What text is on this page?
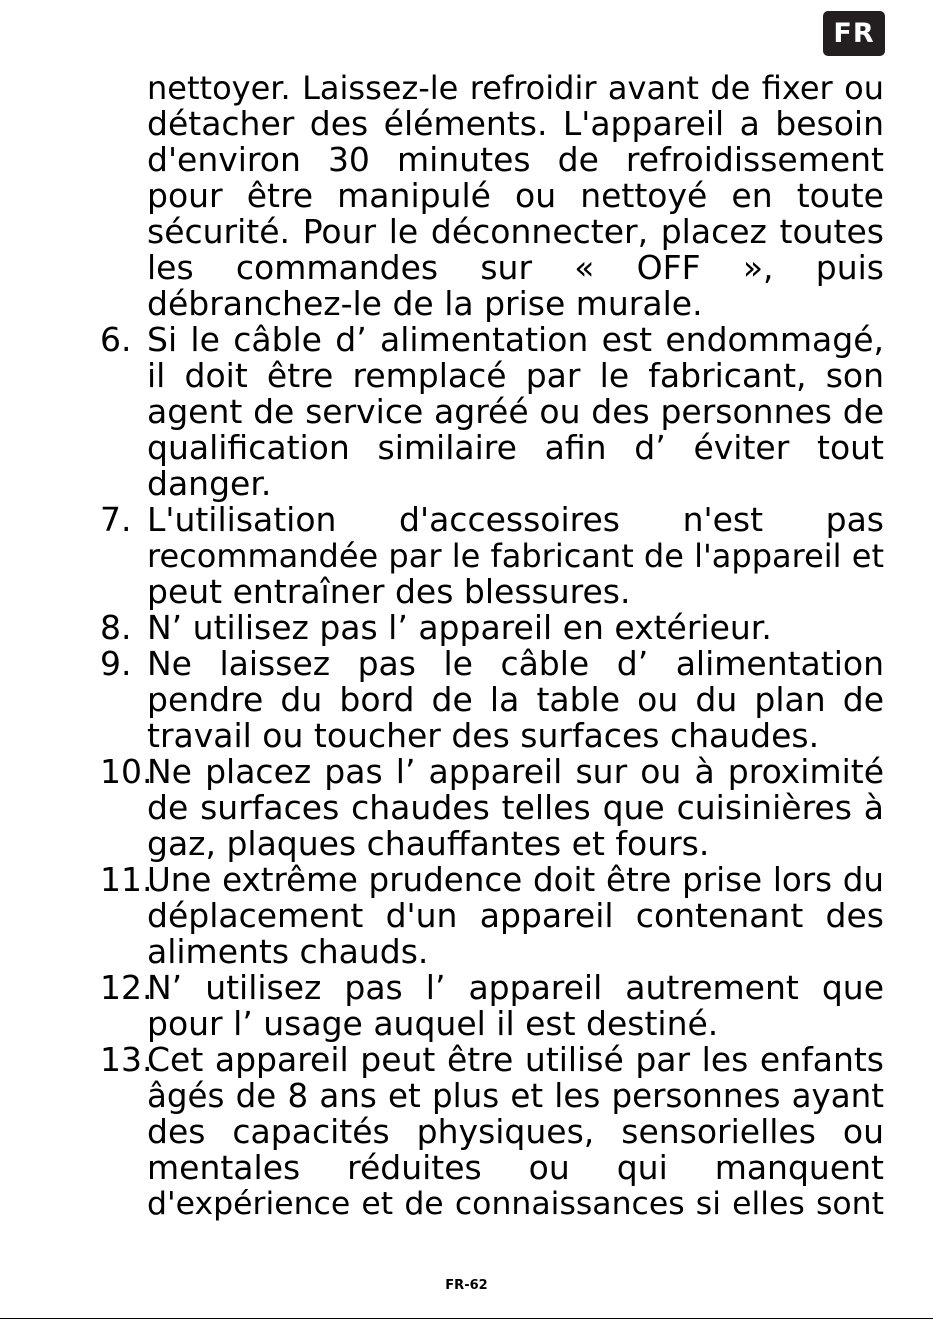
FR
nettoyer. Laissez-le refroidir avant de fixer ou
détacher des éléments. L'appareil a besoin
d'environ 30 minutes de refroidissement
pour être manipulé ou nettoyé en toute
sécurité. Pour le déconnecter, placez toutes
les commandes sur « OFF », puis
débranchez-le de la prise murale.
6. Si le câble d’ alimentation est endommagé,
il doit être remplacé par le fabricant, son
agent de service agréé ou des personnes de
qualification similaire afin d’ éviter tout
danger.
7. L'utilisation d'accessoires n'est pas
recommandée par le fabricant de l'appareil et
peut entraîner des blessures.
8. N’ utilisez pas l’ appareil en extérieur.
9. Ne laissez pas le câble d’ alimentation
pendre du bord de la table ou du plan de
travail ou toucher des surfaces chaudes.
10.
Ne placez pas l’ appareil sur ou à proximité
de surfaces chaudes telles que cuisinières à
gaz, plaques chauffantes et fours.
11.
Une extrême prudence doit être prise lors du
déplacement d'un appareil contenant des
aliments chauds.
12.
N’ utilisez pas l’ appareil autrement que
pour l’ usage auquel il est destiné.
13.
Cet appareil peut être utilisé par les enfants
âgés de 8 ans et plus et les personnes ayant
des capacités physiques, sensorielles ou
mentales réduites ou qui manquent
d'expérience et de connaissances si elles sont
FR-62
